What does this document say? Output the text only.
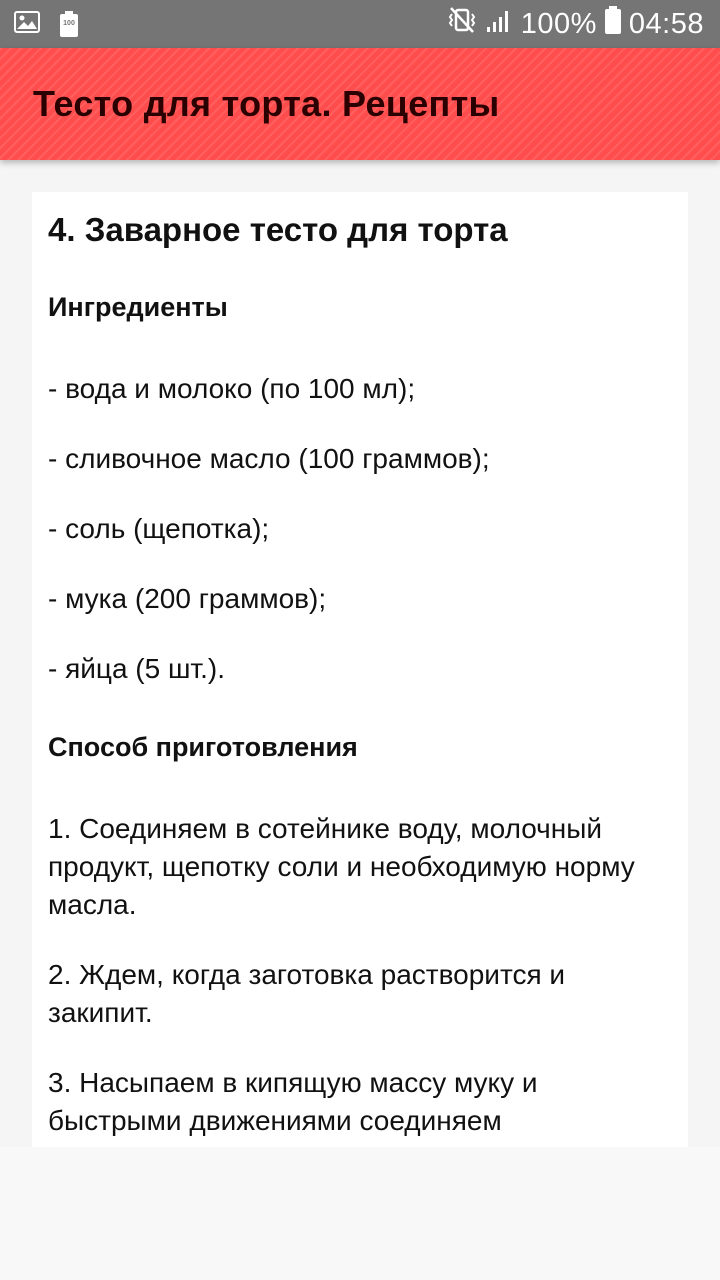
100	100% 04:58
Тесто для торта. Рецепты
4. Заварное тесто для торта
Ингредиенты
- вода и молоко (по 100 мл);
- сливочное масло (100 граммов);
- соль (щепотка);
- мука (200 граммов);
- яйца (5 шт.).
Способ приготовления
1. Соединяем в сотейнике воду, молочный продукт, щепотку соли и необходимую норму масла.
2. Ждем, когда заготовка растворится и закипит.
3. Насыпаем в кипящую массу муку и быстрыми движениями соединяем
